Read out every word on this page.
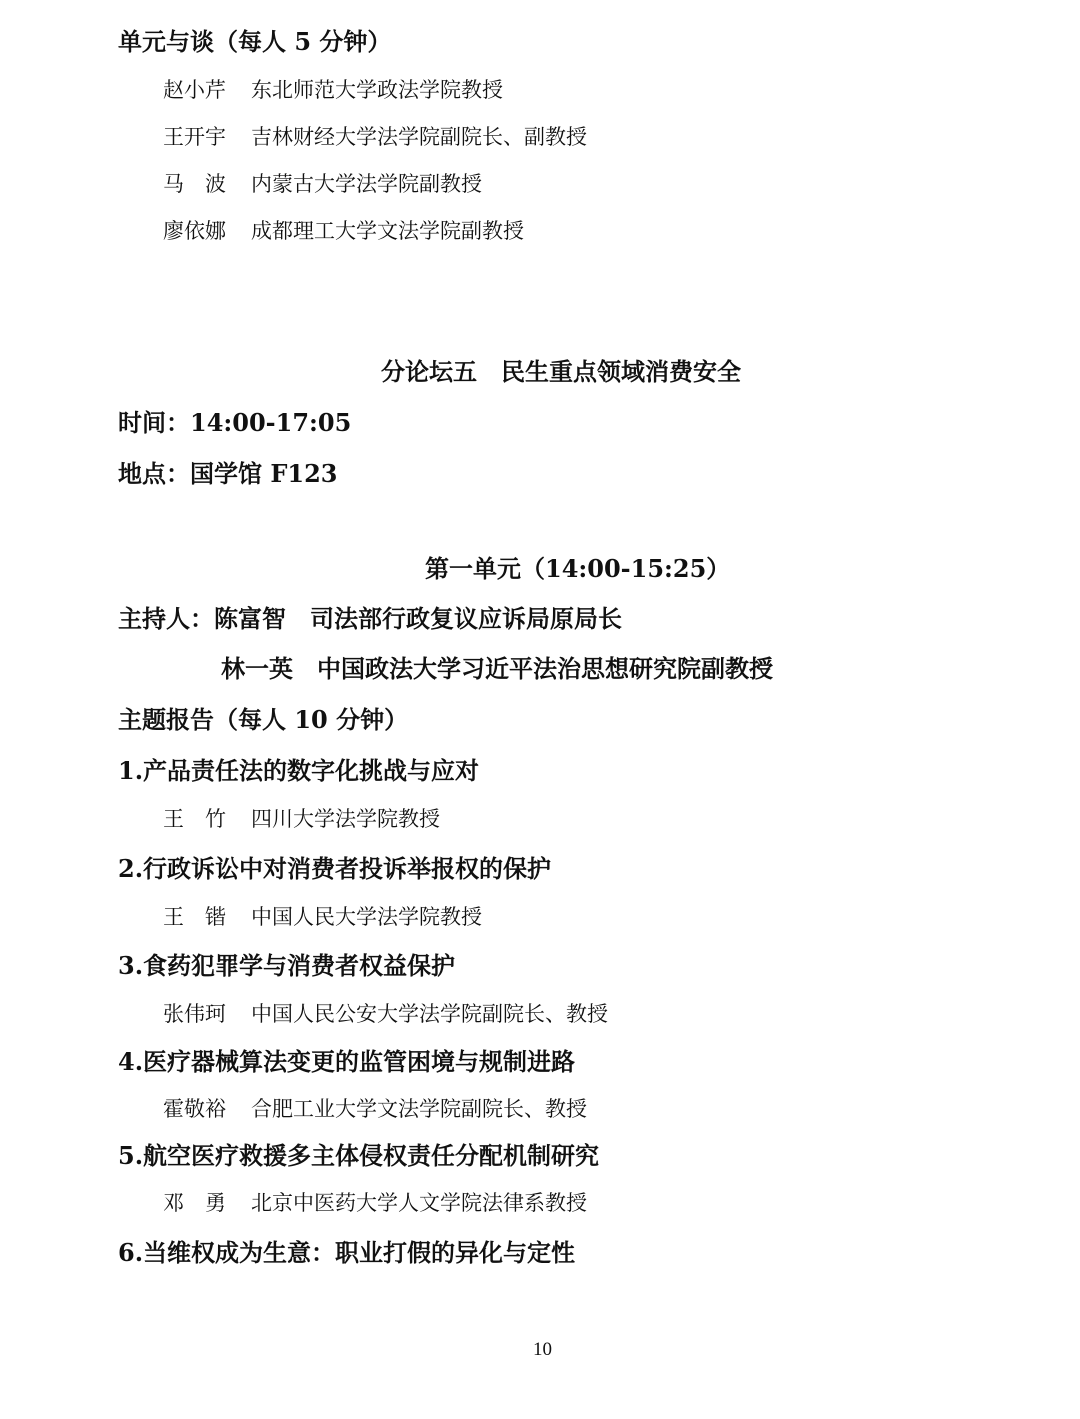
单元与谈（每人 5 分钟）
赵小芹 东北师范大学政法学院教授
王开宇 吉林财经大学法学院副院长、副教授
马　波 内蒙古大学法学院副教授
廖依娜 成都理工大学文法学院副教授
分论坛五　民生重点领域消费安全
时间：14:00-17:05
地点：国学馆 F123
第一单元（14:00-15:25）
主持人：陈富智　司法部行政复议应诉局原局长
林一英　中国政法大学习近平法治思想研究院副教授
主题报告（每人 10 分钟）
1.产品责任法的数字化挑战与应对
王　竹 四川大学法学院教授
2.行政诉讼中对消费者投诉举报权的保护
王　锴 中国人民大学法学院教授
3.食药犯罪学与消费者权益保护
张伟珂 中国人民公安大学法学院副院长、教授
4.医疗器械算法变更的监管困境与规制进路
霍敬裕 合肥工业大学文法学院副院长、教授
5.航空医疗救援多主体侵权责任分配机制研究
邓　勇 北京中医药大学人文学院法律系教授
6.当维权成为生意：职业打假的异化与定性
10
